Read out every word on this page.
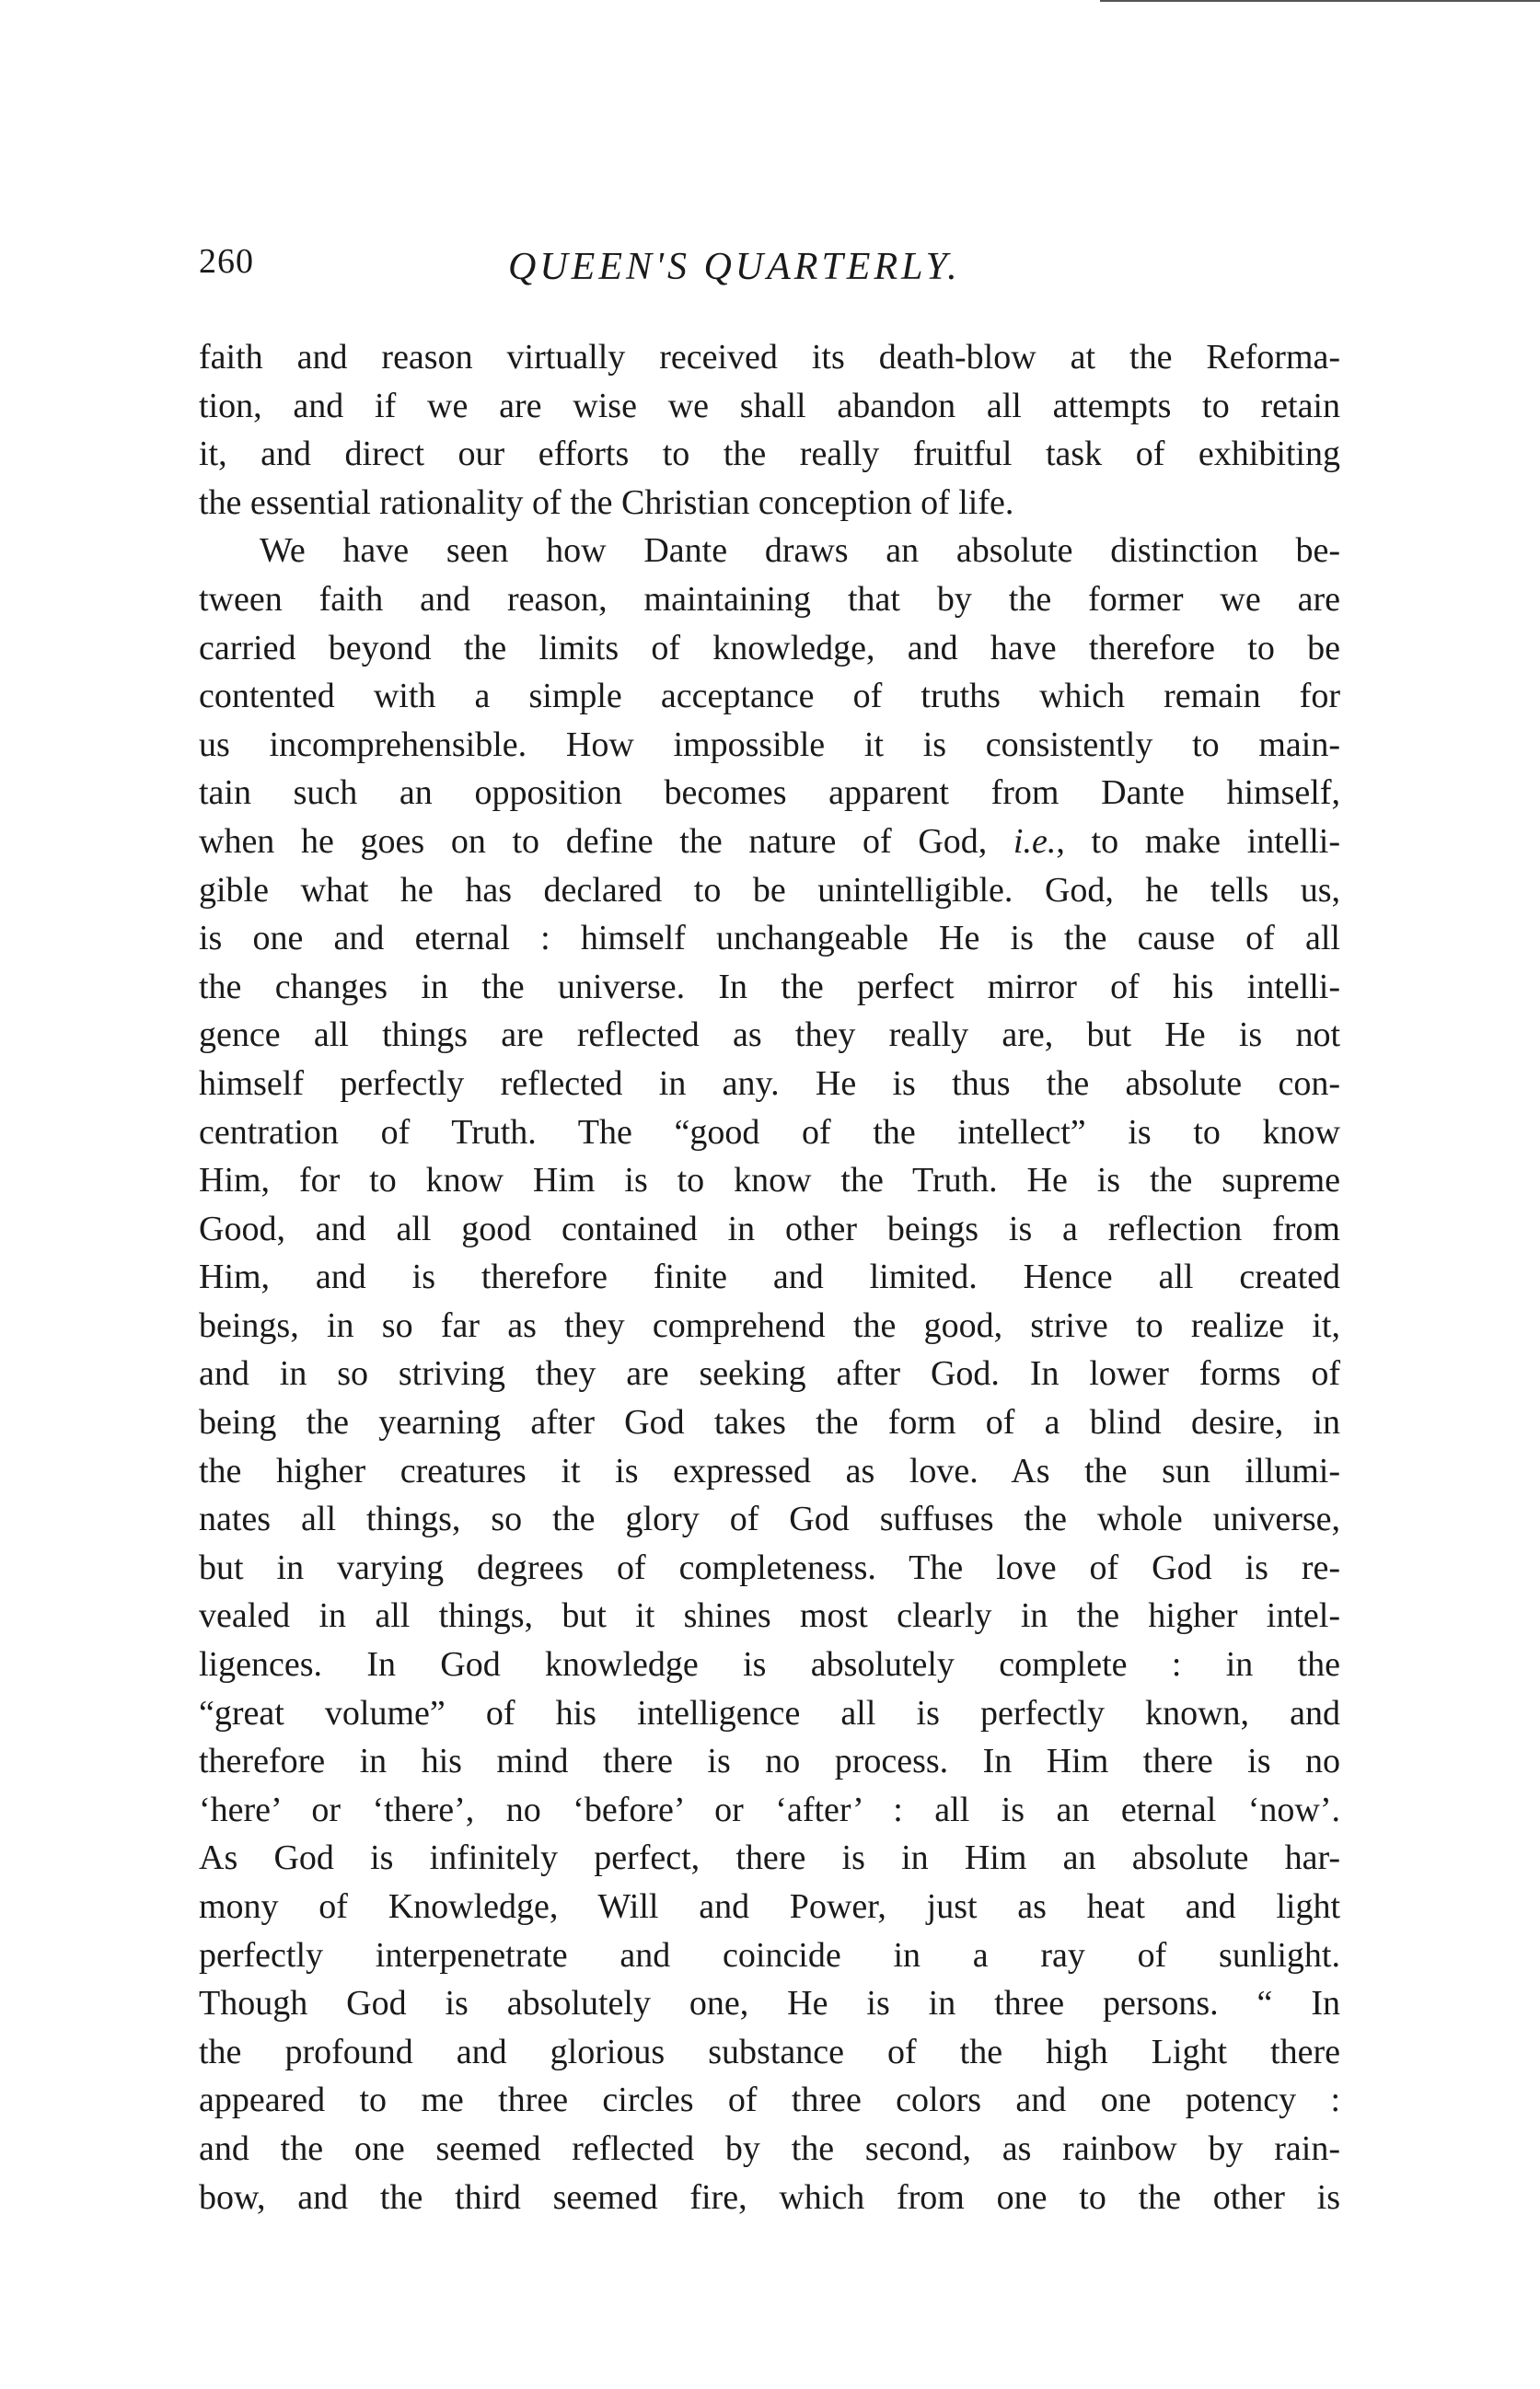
260	QUEEN'S QUARTERLY.
faith and reason virtually received its death-blow at the Reforma-
tion, and if we are wise we shall abandon all attempts to retain
it, and direct our efforts to the really fruitful task of exhibiting
the essential rationality of the Christian conception of life.
We have seen how Dante draws an absolute distinction be-
tween faith and reason, maintaining that by the former we are
carried beyond the limits of knowledge, and have therefore to be
contented with a simple acceptance of truths which remain for
us incomprehensible. How impossible it is consistently to main-
tain such an opposition becomes apparent from Dante himself,
when he goes on to define the nature of God, i.e., to make intelli-
gible what he has declared to be unintelligible. God, he tells us,
is one and eternal : himself unchangeable He is the cause of all
the changes in the universe. In the perfect mirror of his intelli-
gence all things are reflected as they really are, but He is not
himself perfectly reflected in any. He is thus the absolute con-
centration of Truth. The “good of the intellect” is to know
Him, for to know Him is to know the Truth. He is the supreme
Good, and all good contained in other beings is a reflection from
Him, and is therefore finite and limited. Hence all created
beings, in so far as they comprehend the good, strive to realize it,
and in so striving they are seeking after God. In lower forms of
being the yearning after God takes the form of a blind desire, in
the higher creatures it is expressed as love. As the sun illumi-
nates all things, so the glory of God suffuses the whole universe,
but in varying degrees of completeness. The love of God is re-
vealed in all things, but it shines most clearly in the higher intel-
ligences. In God knowledge is absolutely complete : in the
“great volume” of his intelligence all is perfectly known, and
therefore in his mind there is no process. In Him there is no
‘here’ or ‘there’, no ‘before’ or ‘after’ : all is an eternal ‘now’.
As God is infinitely perfect, there is in Him an absolute har-
mony of Knowledge, Will and Power, just as heat and light
perfectly interpenetrate and coincide in a ray of sunlight.
Though God is absolutely one, He is in three persons. “ In
the profound and glorious substance of the high Light there
appeared to me three circles of three colors and one potency :
and the one seemed reflected by the second, as rainbow by rain-
bow, and the third seemed fire, which from one to the other is
